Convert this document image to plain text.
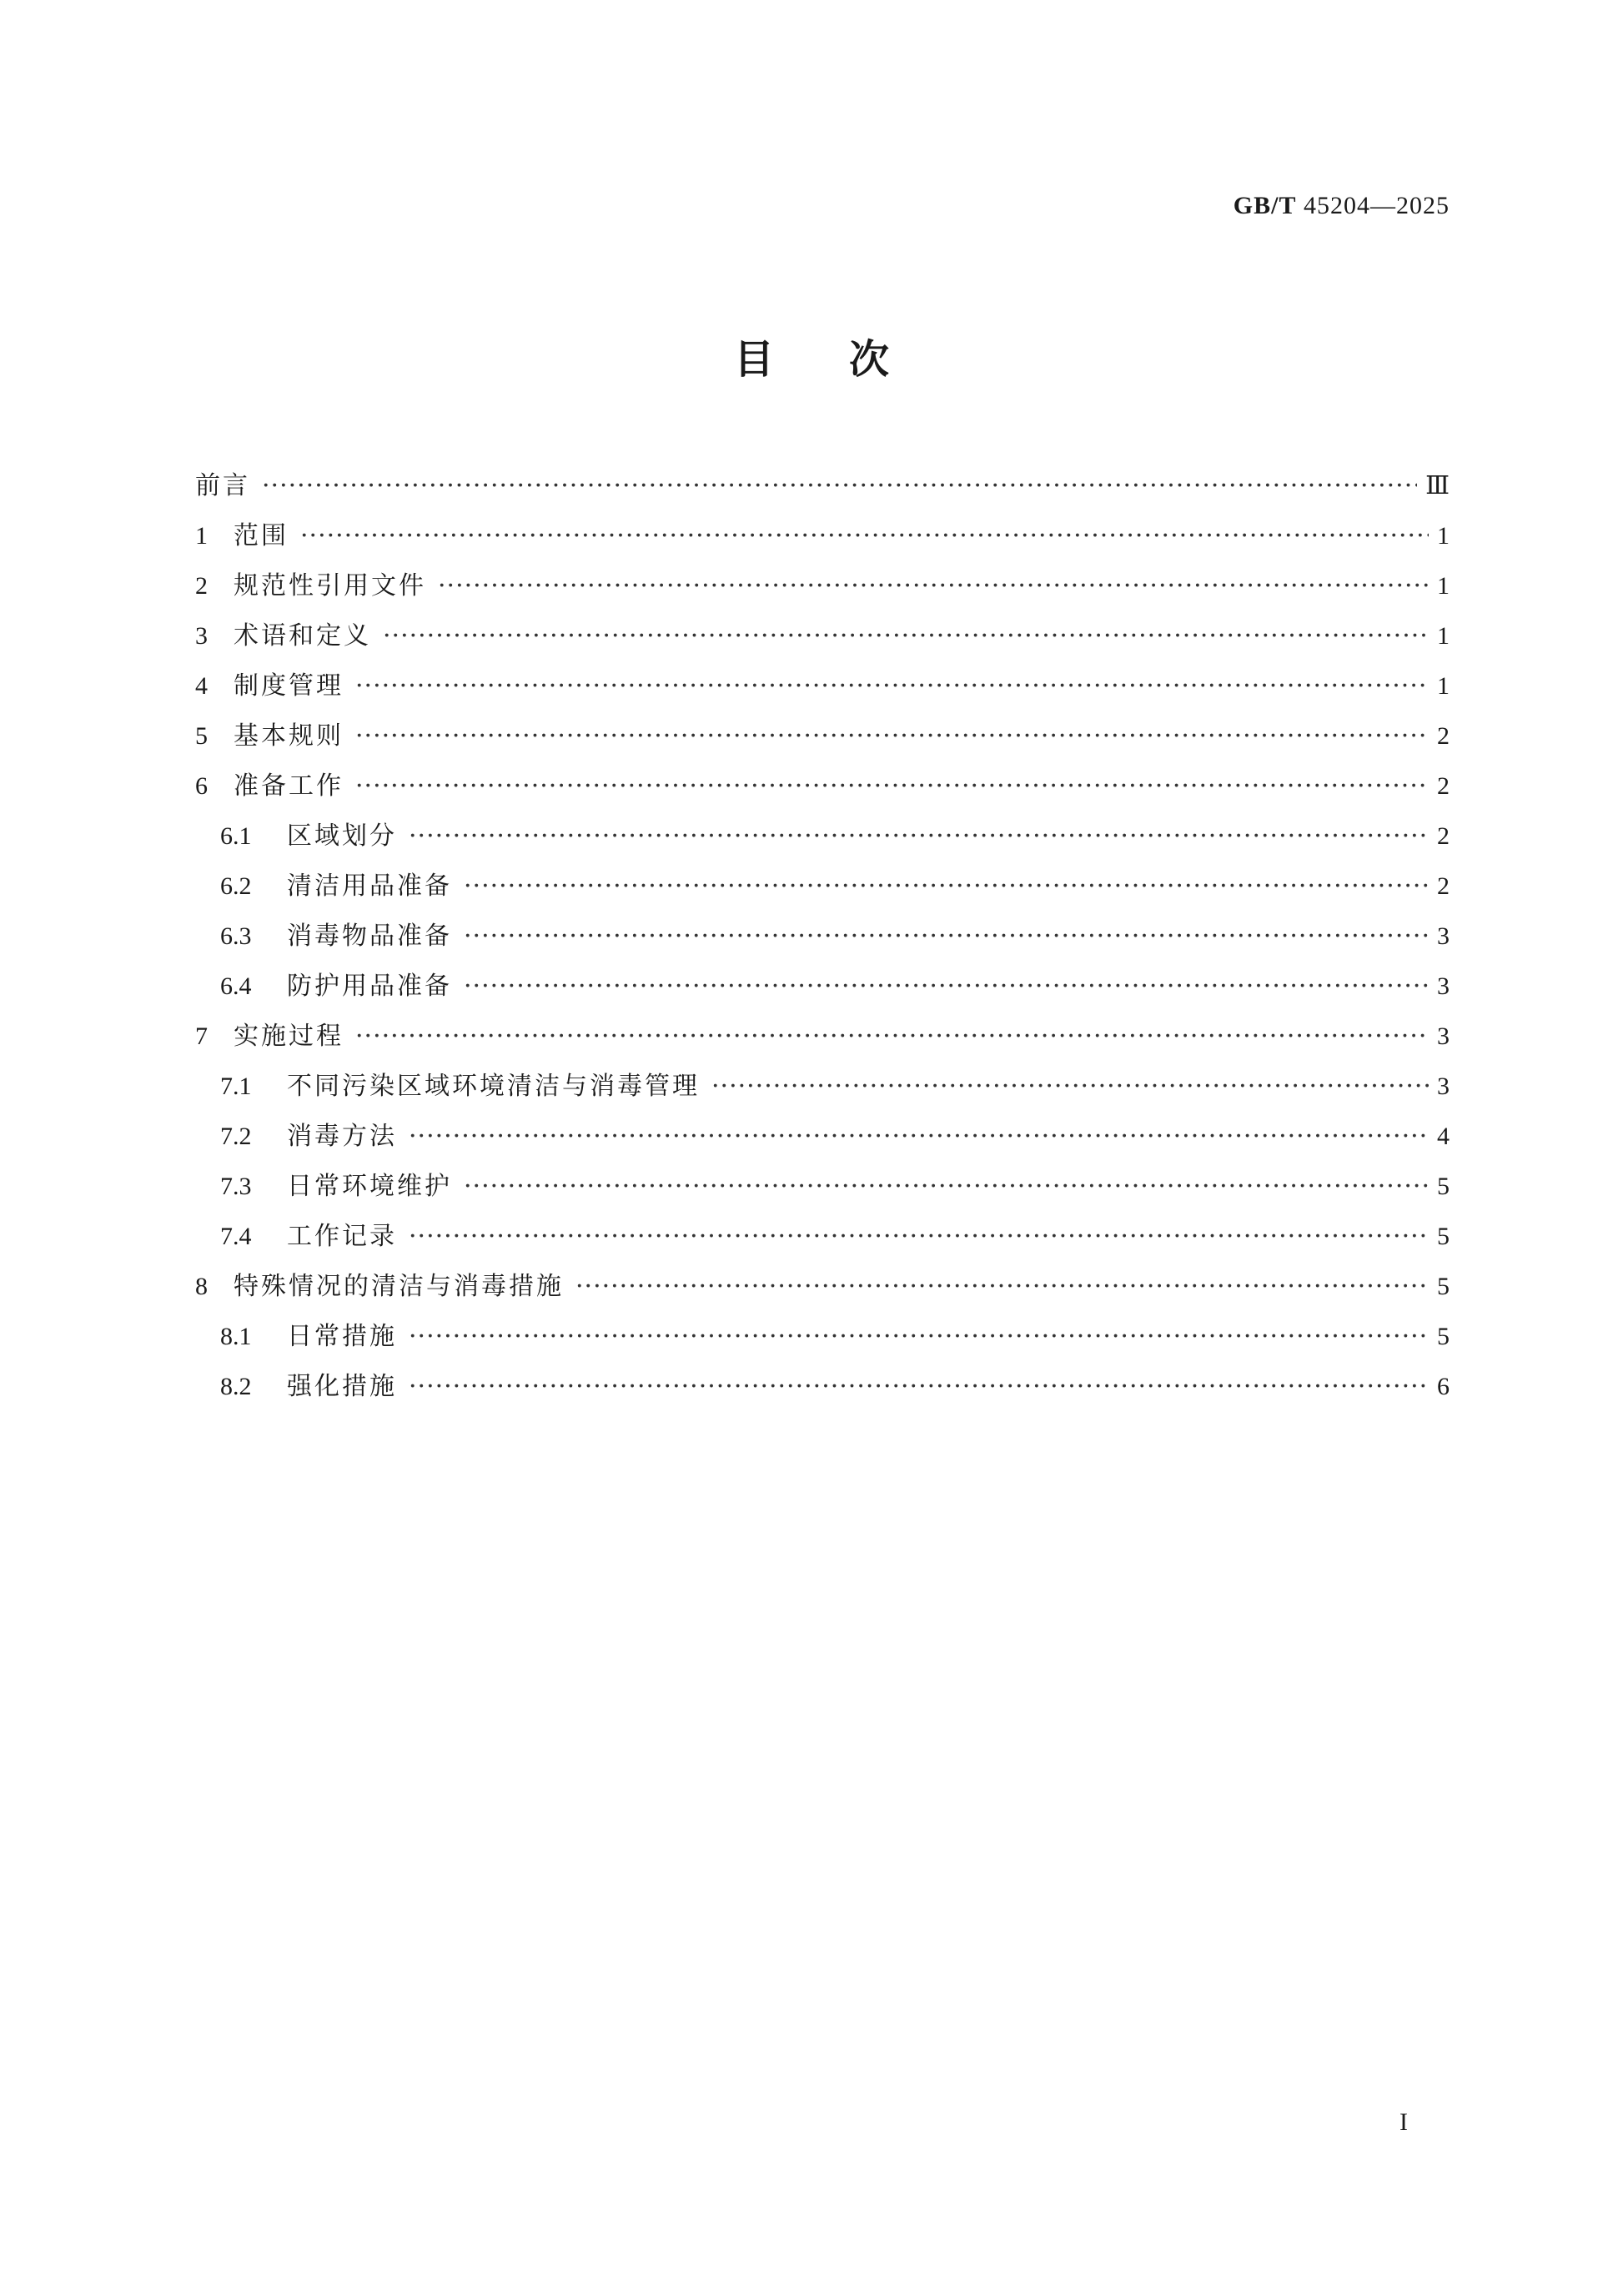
GB/T 45204—2025
目次
前言 ·····	Ⅲ
1	范围 ·····	1
2	规范性引用文件 ·····	1
3	术语和定义 ·····	1
4	制度管理 ·····	1
5	基本规则 ·····	2
6	准备工作 ·····	2
6.1	区域划分 ·····	2
6.2	清洁用品准备 ·····	2
6.3	消毒物品准备 ·····	3
6.4	防护用品准备 ·····	3
7	实施过程 ·····	3
7.1	不同污染区域环境清洁与消毒管理 ·····	3
7.2	消毒方法 ·····	4
7.3	日常环境维护 ·····	5
7.4	工作记录 ·····	5
8	特殊情况的清洁与消毒措施 ·····	5
8.1	日常措施 ·····	5
8.2	强化措施 ·····	6
I
